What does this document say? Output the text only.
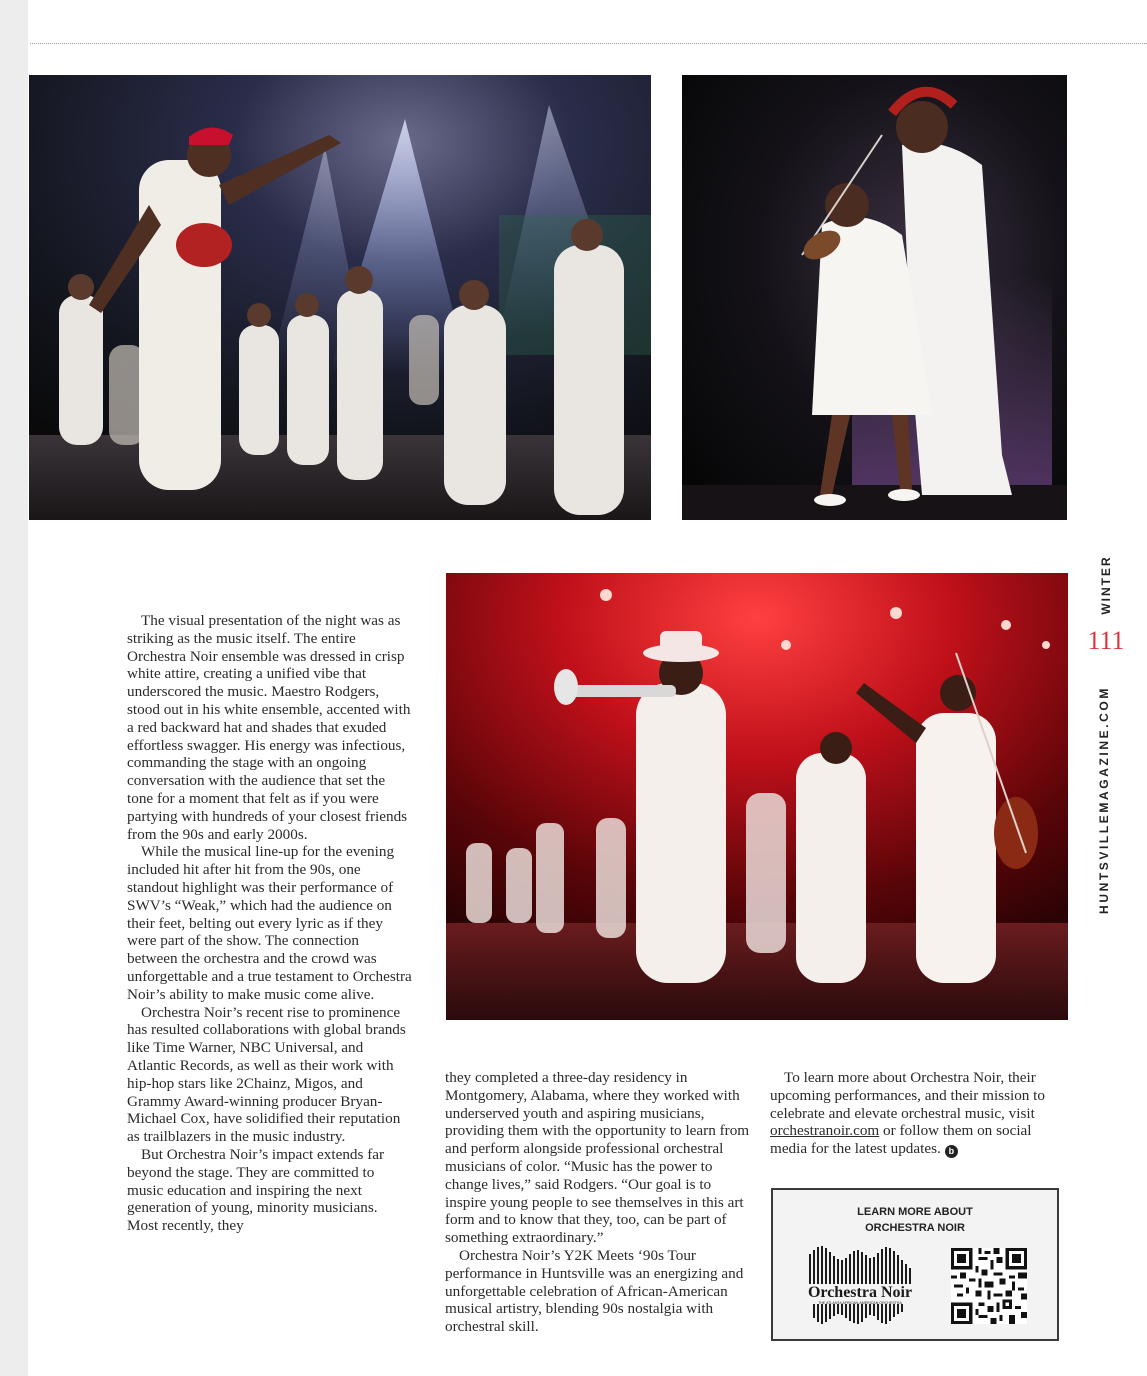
WINTER
111
HUNTSVILLEMAGAZINE.COM

The visual presentation of the night was as striking as the music itself. The entire Orchestra Noir ensemble was dressed in crisp white attire, creating a unified vibe that underscored the music. Maestro Rodgers, stood out in his white ensemble, accented with a red backward hat and shades that exuded effortless swagger. His energy was infectious, commanding the stage with an ongoing conversation with the audience that set the tone for a moment that felt as if you were partying with hundreds of your closest friends from the 90s and early 2000s.

While the musical line-up for the evening included hit after hit from the 90s, one standout highlight was their performance of SWV’s “Weak,” which had the audience on their feet, belting out every lyric as if they were part of the show. The connection between the orchestra and the crowd was unforgettable and a true testament to Orchestra Noir’s ability to make music come alive.

Orchestra Noir’s recent rise to prominence has resulted collaborations with global brands like Time Warner, NBC Universal, and Atlantic Records, as well as their work with hip-hop stars like 2Chainz, Migos, and Grammy Award-winning producer Bryan-Michael Cox, have solidified their reputation as trailblazers in the music industry.

But Orchestra Noir’s impact extends far beyond the stage. They are committed to music education and inspiring the next generation of young, minority musicians. Most recently, they

they completed a three-day residency in Montgomery, Alabama, where they worked with underserved youth and aspiring musicians, providing them with the opportunity to learn from and perform alongside professional orchestral musicians of color. “Music has the power to change lives,” said Rodgers. “Our goal is to inspire young people to see themselves in this art form and to know that they, too, can be part of something extraordinary.”

Orchestra Noir’s Y2K Meets ‘90s Tour performance in Huntsville was an energizing and unforgettable celebration of African-American musical artistry, blending 90s nostalgia with orchestral skill.

To learn more about Orchestra Noir, their upcoming performances, and their mission to celebrate and elevate orchestral music, visit orchestranoir.com or follow them on social media for the latest updates. b

LEARN MORE ABOUT
ORCHESTRA NOIR
Orchestra Noir
THE ATLANTA AFRICAN-AMERICAN ORCHESTRA
